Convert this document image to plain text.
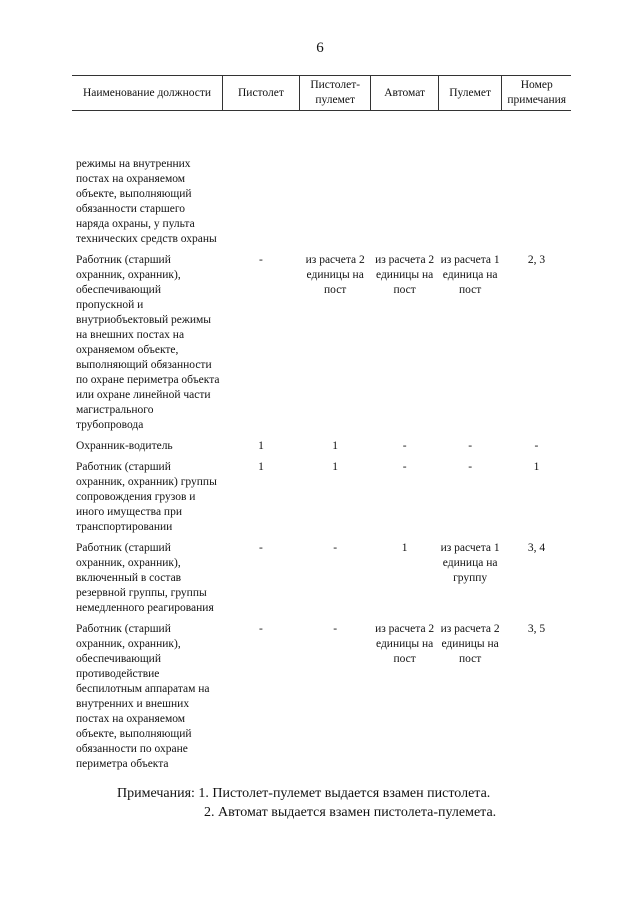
6
Наименование должности	Пистолет	Пистолет-пулемет	Автомат	Пулемет	Номер примечания
режимы на внутренних постах на охраняемом объекте, выполняющий обязанности старшего наряда охраны, у пульта технических средств охраны					
Работник (старший охранник, охранник), обеспечивающий пропускной и внутриобъектовый режимы на внешних постах на охраняемом объекте, выполняющий обязанности по охране периметра объекта или охране линейной части магистрального трубопровода	-	из расчета 2 единицы на пост	из расчета 2 единицы на пост	из расчета 1 единица на пост	2, 3
Охранник-водитель	1	1	-	-	-
Работник (старший охранник, охранник) группы сопровождения грузов и иного имущества при транспортировании	1	1	-	-	1
Работник (старший охранник, охранник), включенный в состав резервной группы, группы немедленного реагирования	-	-	1	из расчета 1 единица на группу	3, 4
Работник (старший охранник, охранник), обеспечивающий противодействие беспилотным аппаратам на внутренних и внешних постах на охраняемом объекте, выполняющий обязанности по охране периметра объекта	-	-	из расчета 2 единицы на пост	из расчета 2 единицы на пост	3, 5
Примечания: 1. Пистолет-пулемет выдается взамен пистолета.
2. Автомат выдается взамен пистолета-пулемета.
